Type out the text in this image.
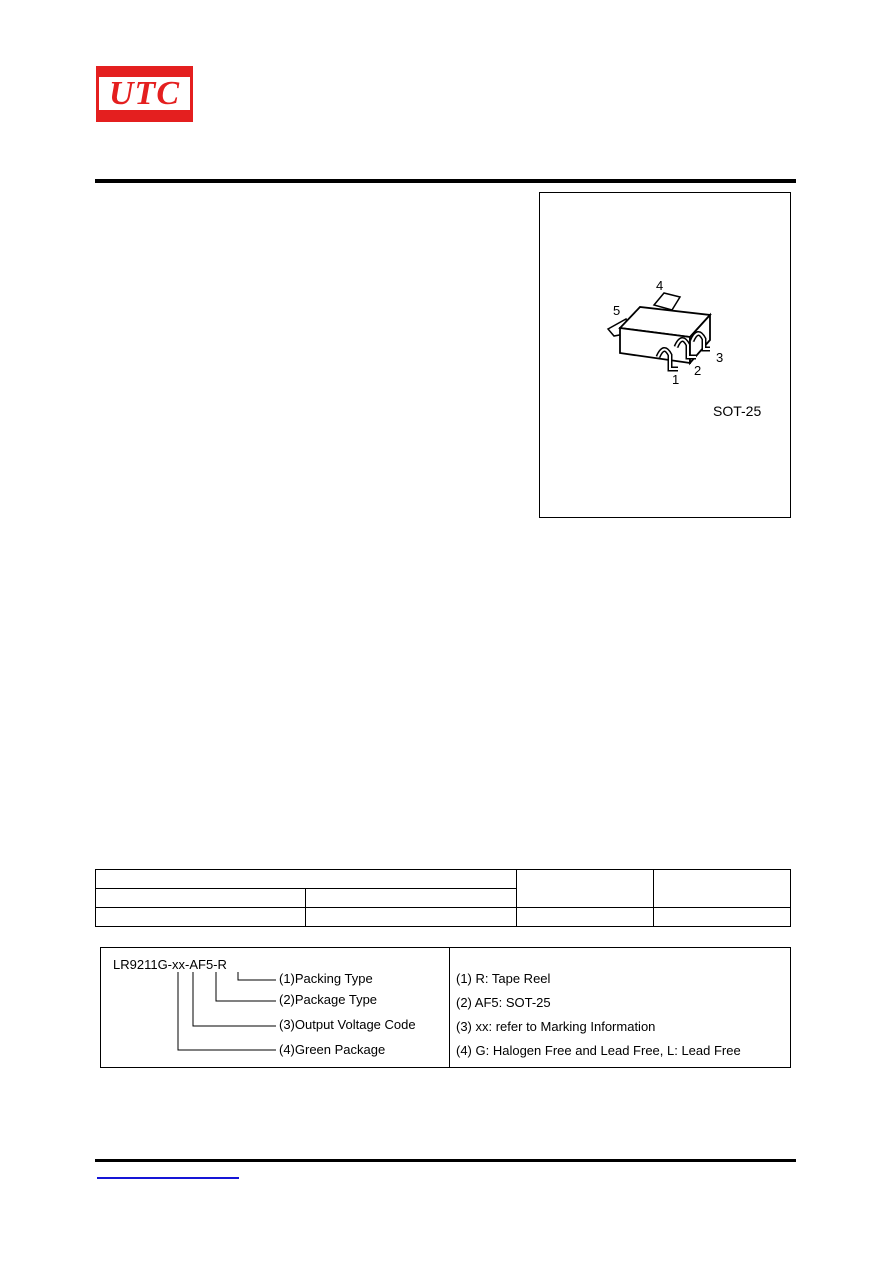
UTC
4
5
1
2
3
SOT-25

LR9211G-xx-AF5-R
(1)Packing Type
(2)Package Type
(3)Output Voltage Code
(4)Green Package
(1) R: Tape Reel
(2) AF5: SOT-25
(3) xx: refer to Marking Information
(4) G: Halogen Free and Lead Free, L: Lead Free
